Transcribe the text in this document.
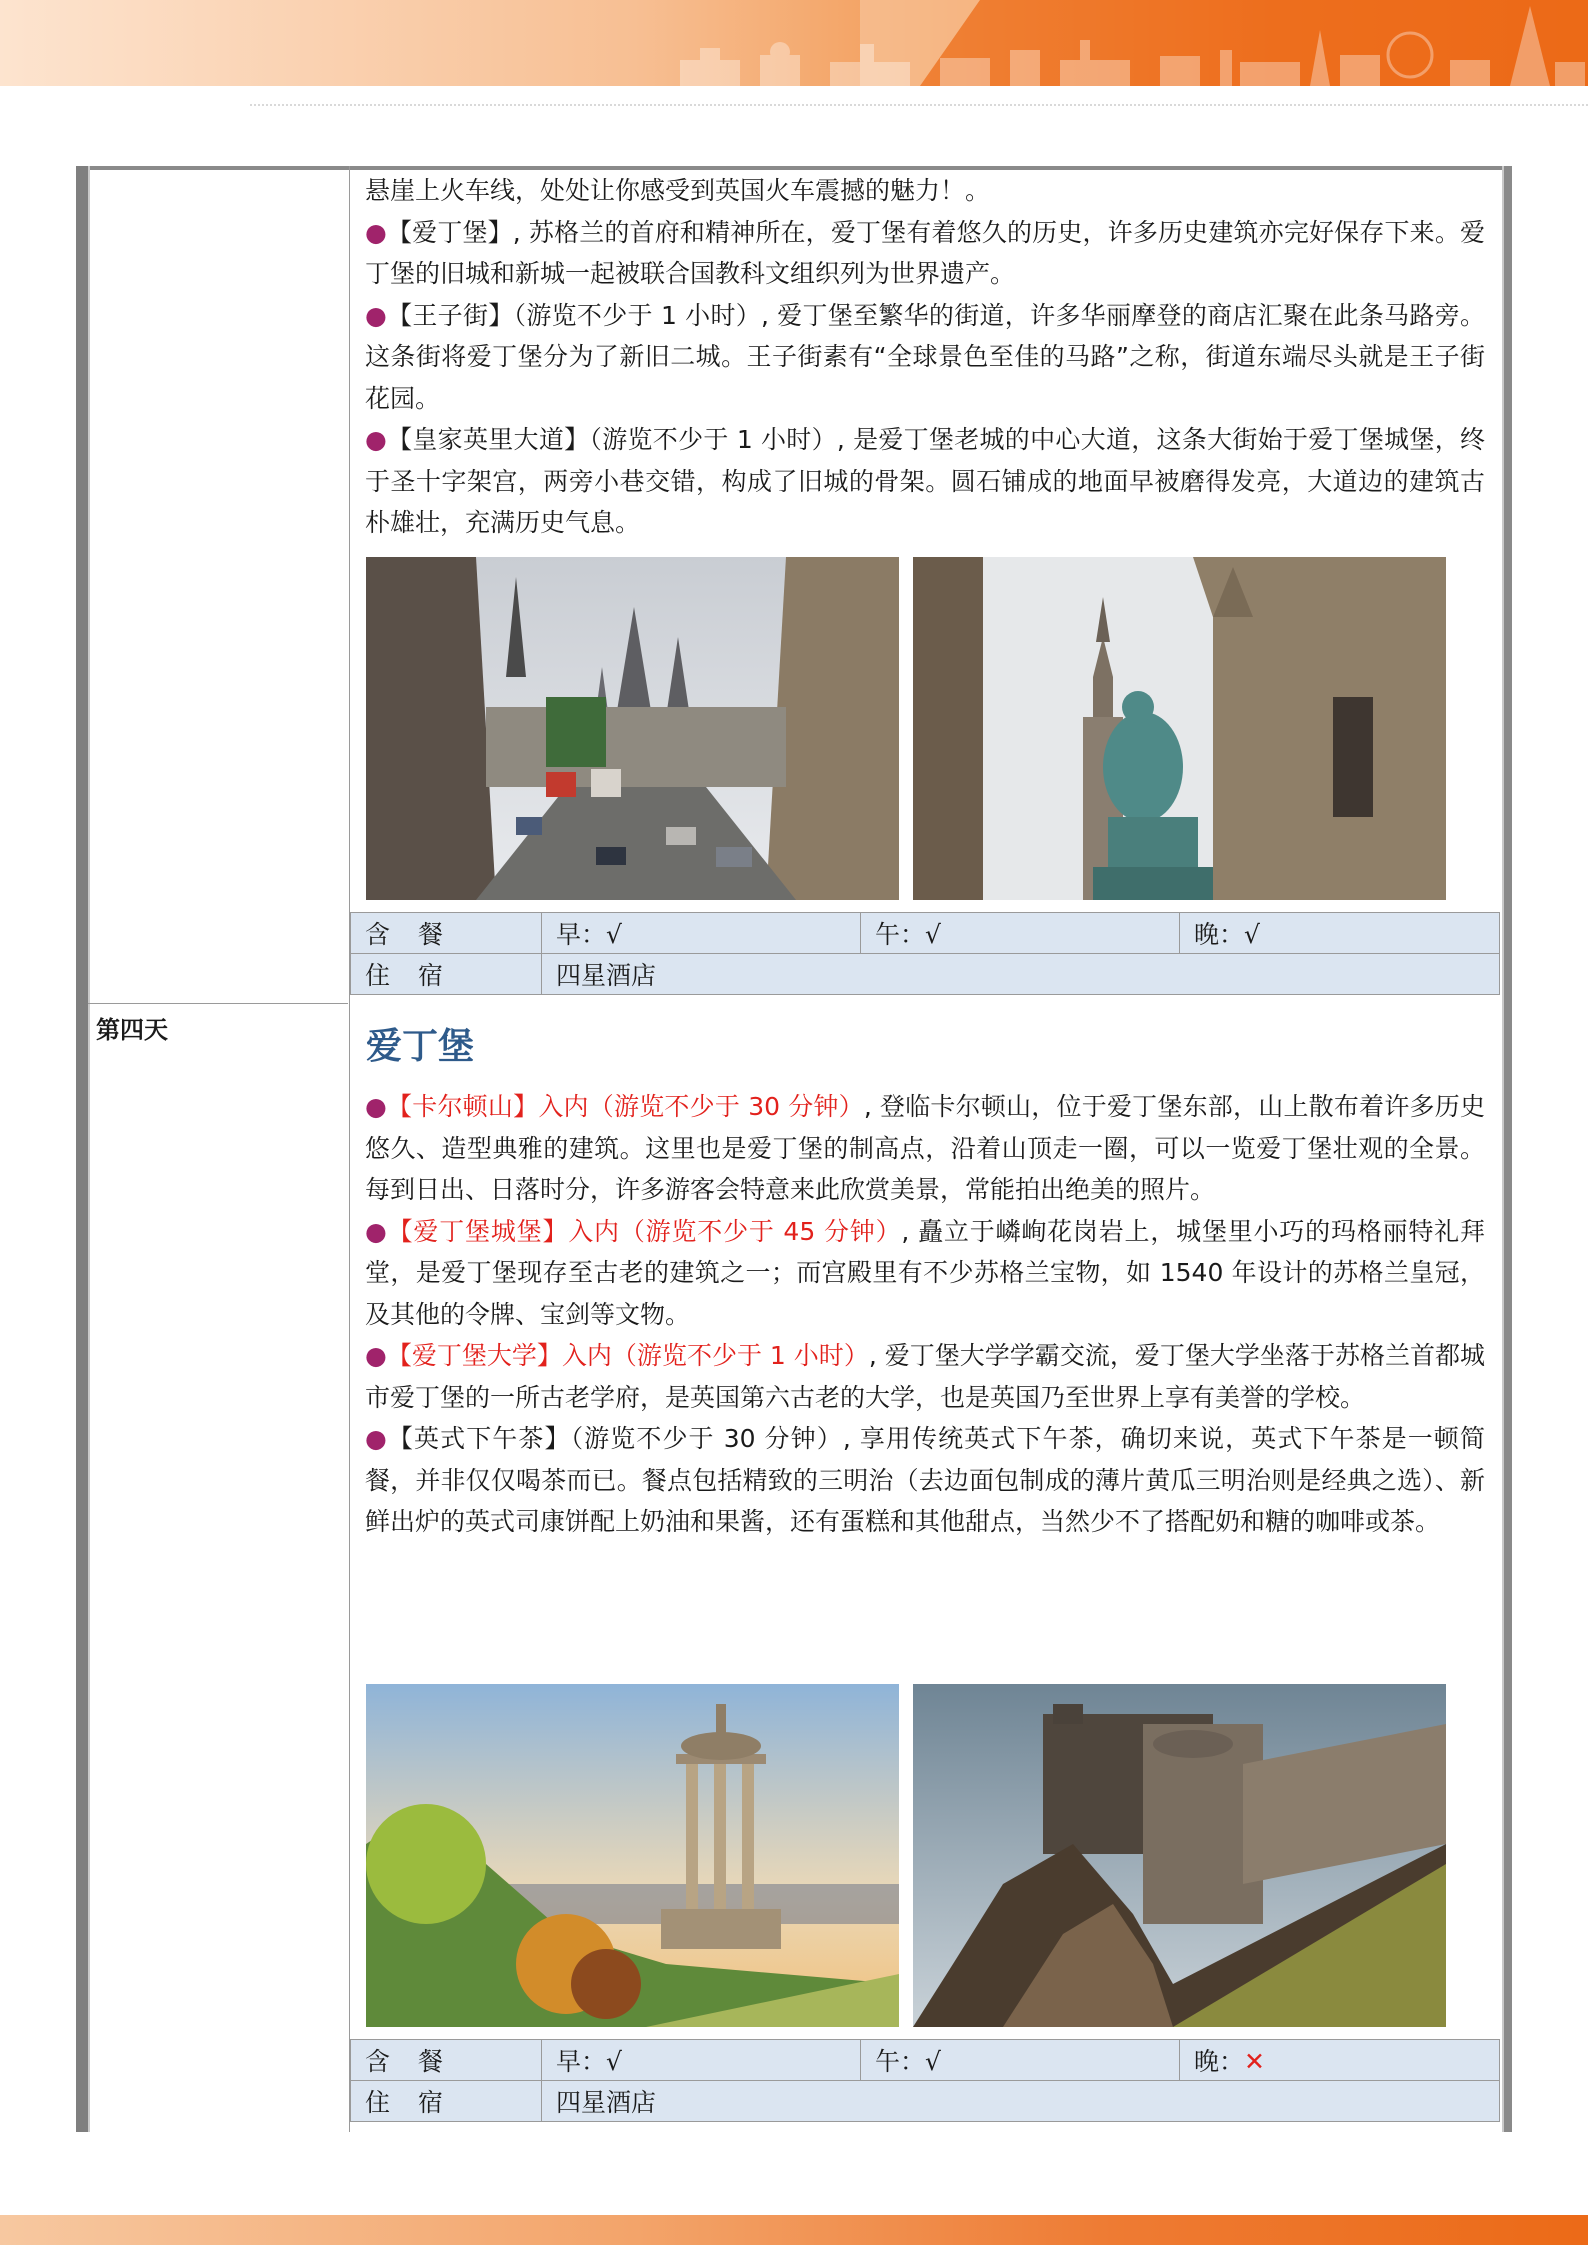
悬崖上火车线，处处让你感受到英国火车震撼的魅力！。

●【爱丁堡】, 苏格兰的首府和精神所在，爱丁堡有着悠久的历史，许多历史建筑亦完好保存下来。爱丁堡的旧城和新城一起被联合国教科文组织列为世界遗产。

●【王子街】（游览不少于 1 小时）, 爱丁堡至繁华的街道，许多华丽摩登的商店汇聚在此条马路旁。这条街将爱丁堡分为了新旧二城。王子街素有“全球景色至佳的马路”之称，街道东端尽头就是王子街花园。

●【皇家英里大道】（游览不少于 1 小时）, 是爱丁堡老城的中心大道，这条大街始于爱丁堡城堡，终于圣十字架宫，两旁小巷交错，构成了旧城的骨架。圆石铺成的地面早被磨得发亮，大道边的建筑古朴雄壮，充满历史气息。

含 餐	早：√	午：√	晚：√
住 宿	四星酒店		
第四天	爱丁堡

●【卡尔顿山】入内（游览不少于 30 分钟）, 登临卡尔顿山，位于爱丁堡东部，山上散布着许多历史悠久、造型典雅的建筑。这里也是爱丁堡的制高点，沿着山顶走一圈，可以一览爱丁堡壮观的全景。每到日出、日落时分，许多游客会特意来此欣赏美景，常能拍出绝美的照片。

●【爱丁堡城堡】入内（游览不少于 45 分钟）, 矗立于嶙峋花岗岩上，城堡里小巧的玛格丽特礼拜堂，是爱丁堡现存至古老的建筑之一；而宫殿里有不少苏格兰宝物，如 1540 年设计的苏格兰皇冠，及其他的令牌、宝剑等文物。

●【爱丁堡大学】入内（游览不少于 1 小时）, 爱丁堡大学学霸交流，爱丁堡大学坐落于苏格兰首都城市爱丁堡的一所古老学府，是英国第六古老的大学，也是英国乃至世界上享有美誉的学校。

●【英式下午茶】（游览不少于 30 分钟）, 享用传统英式下午茶，确切来说，英式下午茶是一顿简餐，并非仅仅喝茶而已。餐点包括精致的三明治（去边面包制成的薄片黄瓜三明治则是经典之选）、新鲜出炉的英式司康饼配上奶油和果酱，还有蛋糕和其他甜点，当然少不了搭配奶和糖的咖啡或茶。

含 餐	早：√	午：√	晚：✕
住 宿	四星酒店		
